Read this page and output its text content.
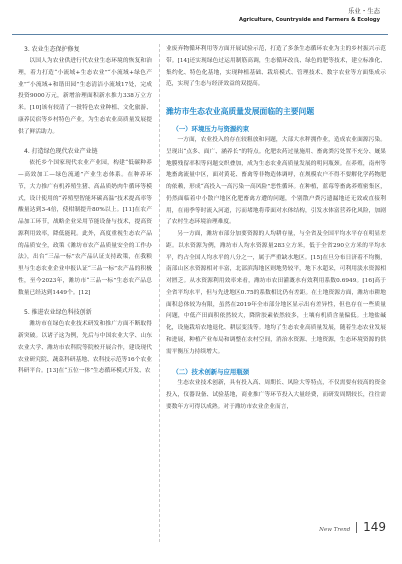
乐业・生态
Agriculture, Countryside and Farmers & Ecology
3. 农业生态保护修复

以国人为农业供进行代农业生态环境的恢复和治理，着力打造“小流域+生态农业”“小流域+绿色产业”“小流域+和谐田园”生态清洁小流域17处，完成投资9000万元，新增治理面积新水推力338万立方米。[10]该有较清了一批特色农业种植、文化旅游、康养民宿等乡村特色产业，为生态农业高质量发展提供了鲜活助力。

4. 打造绿色现代农业产业链

依托乡个国家现代农业产业园，构建“低碳种养—高效加工—绿色流通”产业生态体系。在种养环节，大力推广有机养殖生猪、高品质奶肉牛循环等模式，设计使用的“养殖型智能坏碳高温”技术提高率等酸量达到3-4倍，使柑制提升80%以上。[11]在农产品加工环节，战略企业采用节能设备与技术，提高资源利用效率，降低能耗。此外，高度重视生态农产品的品质安全，政策《潍坊市农产品质量安全的工作办法》，出台“三品一标”农产品认证支持政策，在我粮里与生态农业企业申报认证“三品一标”农产品的积极性，至今2023年，潍坊市“三品一标”生态农产品总数量已经达到1449个。[12]

5. 推进农业绿色科技创新

潍坊市在绿色农业技术研发和推广方面不断取得新突破。以诸子这为例，先后与中国农业大学、山东农业大学、潍坊市农科院等院校开展合作，建设现代农业研究院、蔬菜科研基地、农科技示范等16个农业科研平台。[13]在“五位一体”生态循环模式开发、农

业废弃物循环利用等方面开展试验示范，打造了多条生态循环农业为主的乡村振兴示范带。[14]还实现绿色过运用制筋高调，生态循环改良、绿色的肥等技术，建立标准化、集约化、特色化基地，实现种植基础、栽培模式、管理技术、数字农业等方面集成示范，实现了生态与经济效益的双提高。

潍坊市生态农业高质量发展面临的主要问题
（一）环境压力与资源约束

一方面，农业投入的存在较粗放和问题，大部大水秤拥作业，造成农业面源污染。呈现出“点多、面广、涵养长”的特点。化肥农药过量施用、畜禽粪污处置不充分、厩果地膜残留率积等问题交织叠加，成为生态农业高质量发展的明问瓶颈。在养殖，南州等地畜禽流量中区，面对黄花、畜禽等非物造体调呼，在规模农户不得不要解化学药物肥的依赖，形成“高投入一高污染一高风险”恶性循环。在种植，蓝莓等畜禽养殖密集区，仍然面临着中小散户地区化肥畜禽方遭的问题，个别散户粪污遗漏地还无效或直接利用，在雨季等时流入河道，污而堵地将带面对水体结构，引发水体富营养化风险，加剧了农村生态环境治理难度。

另一方面，潍坊市部分加要资源的人均耕存量，与全省及全国平均水平存在明显差距。以水资源为例，潍坊市人均水资源量283立方米，低于全省290立方米的平均水平，约占全国人均水平的八分之一，属于严重缺水地区。[15]在旦分布日济着不均衡，南部山区水资源相对丰富，北部滨海地区则地势较平，地下水超采，可利用淡水资源相对匮乏。从水资源利用效率来看，潍坊市农田灌溉水有效利用系数0.6949。[16]高于全省平均水平，但与先进地区0.75的系数相比仍有差距。在土地资源方面，潍坊市耕地面积总体较为有限，虽然在2019年全市部分地区显示出有差异性，但也存在一些质量问题，中低产田面积依然较大，降阶胶素依然较多，土壤有机质含量偏低。土地盐碱化，设施栽培农地退化、耕层变浅等。地均了生态农业高质量发展，随着生态农业发展和进展，种植产业布局和调整在农村空间，消治水资源、土地资源，生态环境资源的供需平衡压力持续增大。

（二）技术创新与应用瓶颈

生态农业技术创新，具有投入高、周期长、风险大等特点，不仅需要有较高的资金投入，仪器设备、试验基地，商业推广等环节投入大量经费，而研发周期较长，往往需要数年方可得以成熟。对于潍坊市农业企业而言，

New Trend 149
